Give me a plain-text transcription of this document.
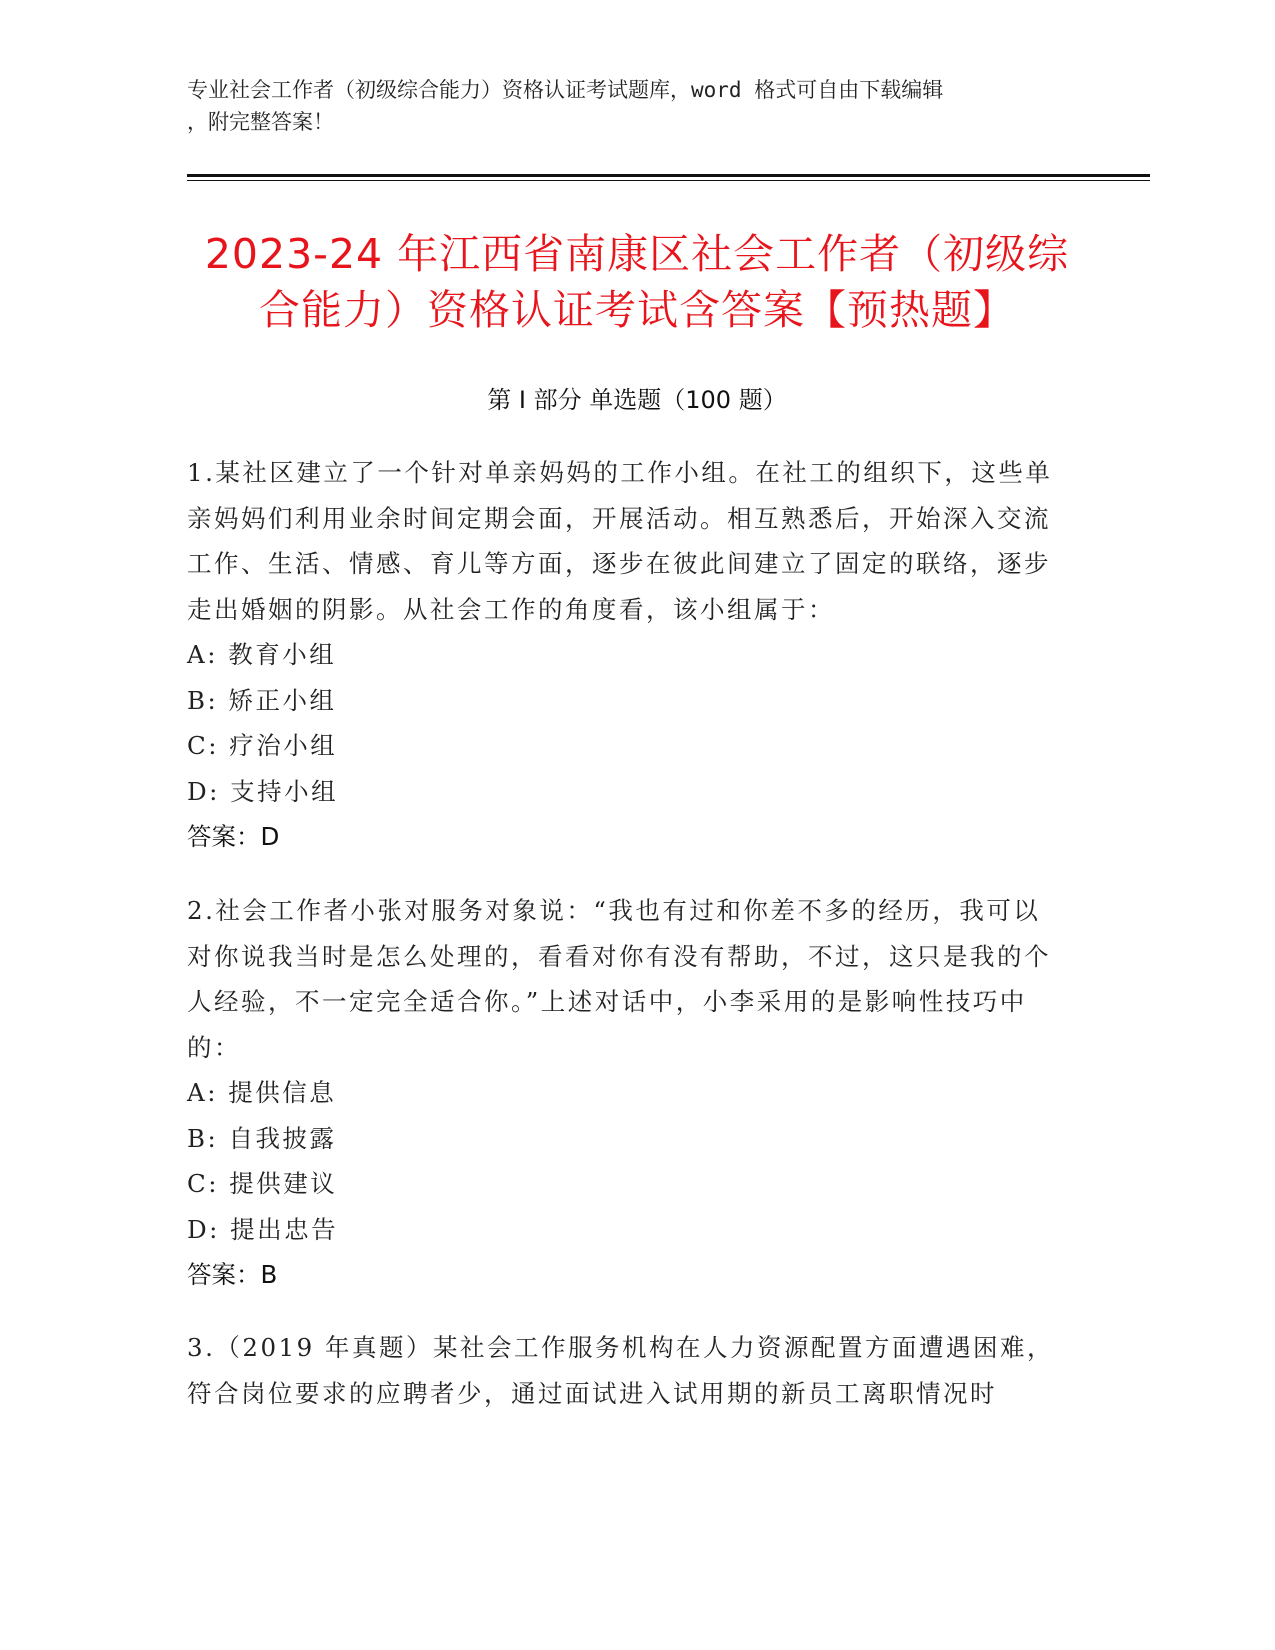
专业社会工作者（初级综合能力）资格认证考试题库，word 格式可自由下载编辑
，附完整答案！
2023-24 年江西省南康区社会工作者（初级综合能力）资格认证考试含答案【预热题】
第 I 部分 单选题（100 题）
1.某社区建立了一个针对单亲妈妈的工作小组。在社工的组织下，这些单亲妈妈们利用业余时间定期会面，开展活动。相互熟悉后，开始深入交流工作、生活、情感、育儿等方面，逐步在彼此间建立了固定的联络，逐步走出婚姻的阴影。从社会工作的角度看，该小组属于：
A: 教育小组
B: 矫正小组
C: 疗治小组
D: 支持小组
答案：D
2.社会工作者小张对服务对象说：“我也有过和你差不多的经历，我可以对你说我当时是怎么处理的，看看对你有没有帮助，不过，这只是我的个人经验，不一定完全适合你。”上述对话中，小李采用的是影响性技巧中的：
A: 提供信息
B: 自我披露
C: 提供建议
D: 提出忠告
答案：B
3.（2019 年真题）某社会工作服务机构在人力资源配置方面遭遇困难，符合岗位要求的应聘者少，通过面试进入试用期的新员工离职情况时
